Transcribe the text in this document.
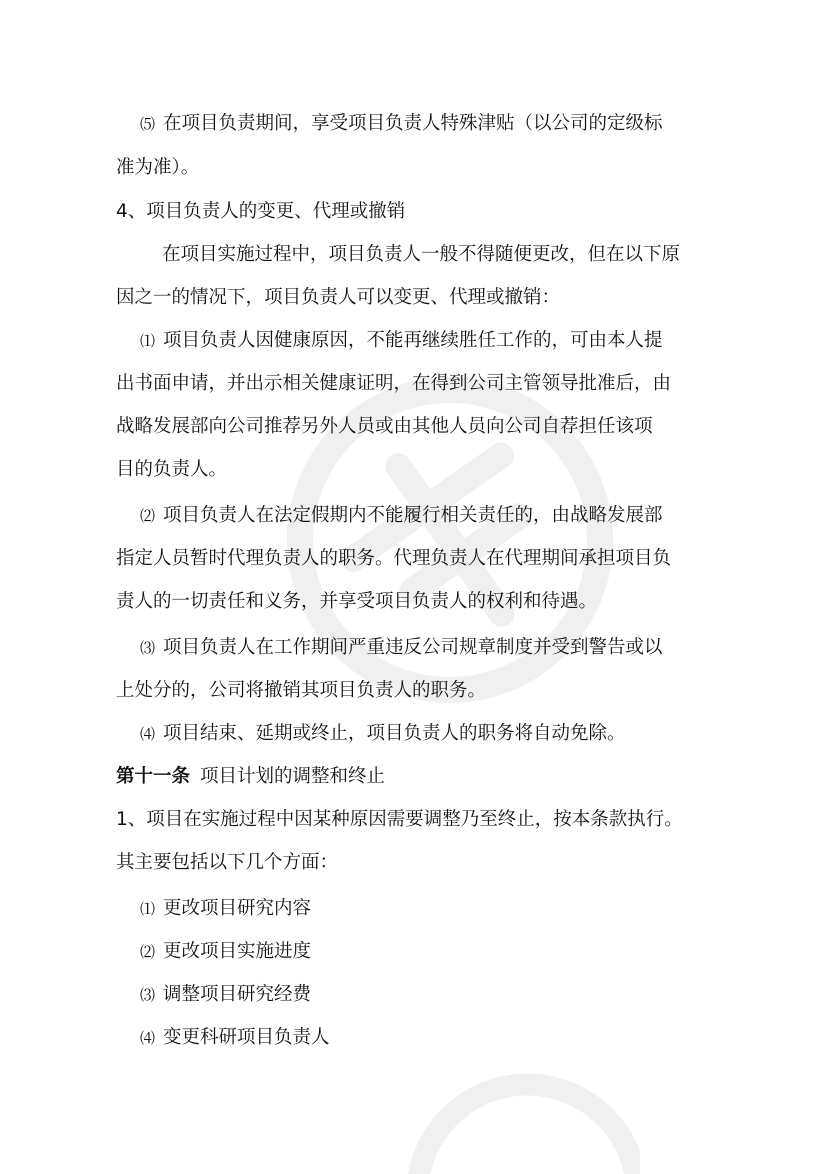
⑸ 在项目负责期间，享受项目负责人特殊津贴（以公司的定级标
准为准）。
4、项目负责人的变更、代理或撤销
在项目实施过程中，项目负责人一般不得随便更改，但在以下原
因之一的情况下，项目负责人可以变更、代理或撤销：
⑴ 项目负责人因健康原因，不能再继续胜任工作的，可由本人提
出书面申请，并出示相关健康证明，在得到公司主管领导批准后，由
战略发展部向公司推荐另外人员或由其他人员向公司自荐担任该项
目的负责人。
⑵ 项目负责人在法定假期内不能履行相关责任的，由战略发展部
指定人员暂时代理负责人的职务。代理负责人在代理期间承担项目负
责人的一切责任和义务，并享受项目负责人的权利和待遇。
⑶ 项目负责人在工作期间严重违反公司规章制度并受到警告或以
上处分的，公司将撤销其项目负责人的职务。
⑷ 项目结束、延期或终止，项目负责人的职务将自动免除。
第十一条 项目计划的调整和终止
1、项目在实施过程中因某种原因需要调整乃至终止，按本条款执行。
其主要包括以下几个方面：
⑴ 更改项目研究内容
⑵ 更改项目实施进度
⑶ 调整项目研究经费
⑷ 变更科研项目负责人
